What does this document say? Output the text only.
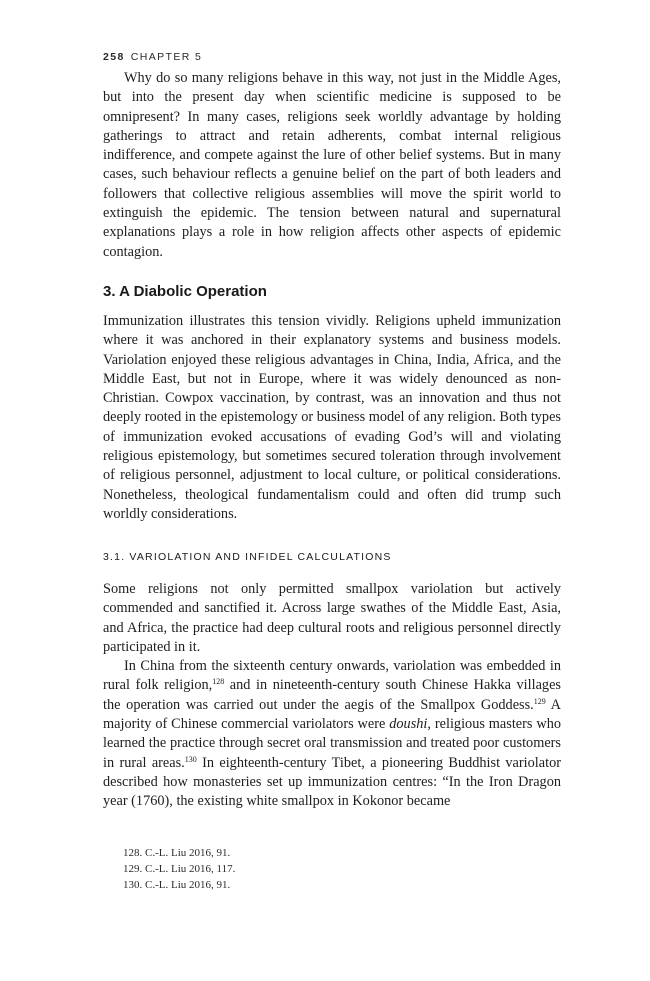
258 CHAPTER 5

Why do so many religions behave in this way, not just in the Middle Ages, but into the present day when scientific medicine is supposed to be omnipresent? In many cases, religions seek worldly advantage by holding gatherings to attract and retain adherents, combat internal religious indifference, and compete against the lure of other belief systems. But in many cases, such behaviour reflects a genuine belief on the part of both leaders and followers that collective religious assemblies will move the spirit world to extinguish the epidemic. The tension between natural and supernatural explanations plays a role in how religion affects other aspects of epidemic contagion.

3. A Diabolic Operation

Immunization illustrates this tension vividly. Religions upheld immunization where it was anchored in their explanatory systems and business models. Variolation enjoyed these religious advantages in China, India, Africa, and the Middle East, but not in Europe, where it was widely denounced as non-Christian. Cowpox vaccination, by contrast, was an innovation and thus not deeply rooted in the epistemology or business model of any religion. Both types of immunization evoked accusations of evading God’s will and violating religious epistemology, but sometimes secured toleration through involvement of religious personnel, adjustment to local culture, or political considerations. Nonetheless, theological fundamentalism could and often did trump such worldly considerations.

3.1. VARIOLATION AND INFIDEL CALCULATIONS

Some religions not only permitted smallpox variolation but actively commended and sanctified it. Across large swathes of the Middle East, Asia, and Africa, the practice had deep cultural roots and religious personnel directly participated in it.

In China from the sixteenth century onwards, variolation was embedded in rural folk religion,$^{128}$ and in nineteenth-century south Chinese Hakka villages the operation was carried out under the aegis of the Smallpox Goddess.$^{129}$ A majority of Chinese commercial variolators were doushi, religious masters who learned the practice through secret oral transmission and treated poor customers in rural areas.$^{130}$ In eighteenth-century Tibet, a pioneering Buddhist variolator described how monasteries set up immunization centres: “In the Iron Dragon year (1760), the existing white smallpox in Kokonor became

128. C.-L. Liu 2016, 91.
129. C.-L. Liu 2016, 117.
130. C.-L. Liu 2016, 91.
